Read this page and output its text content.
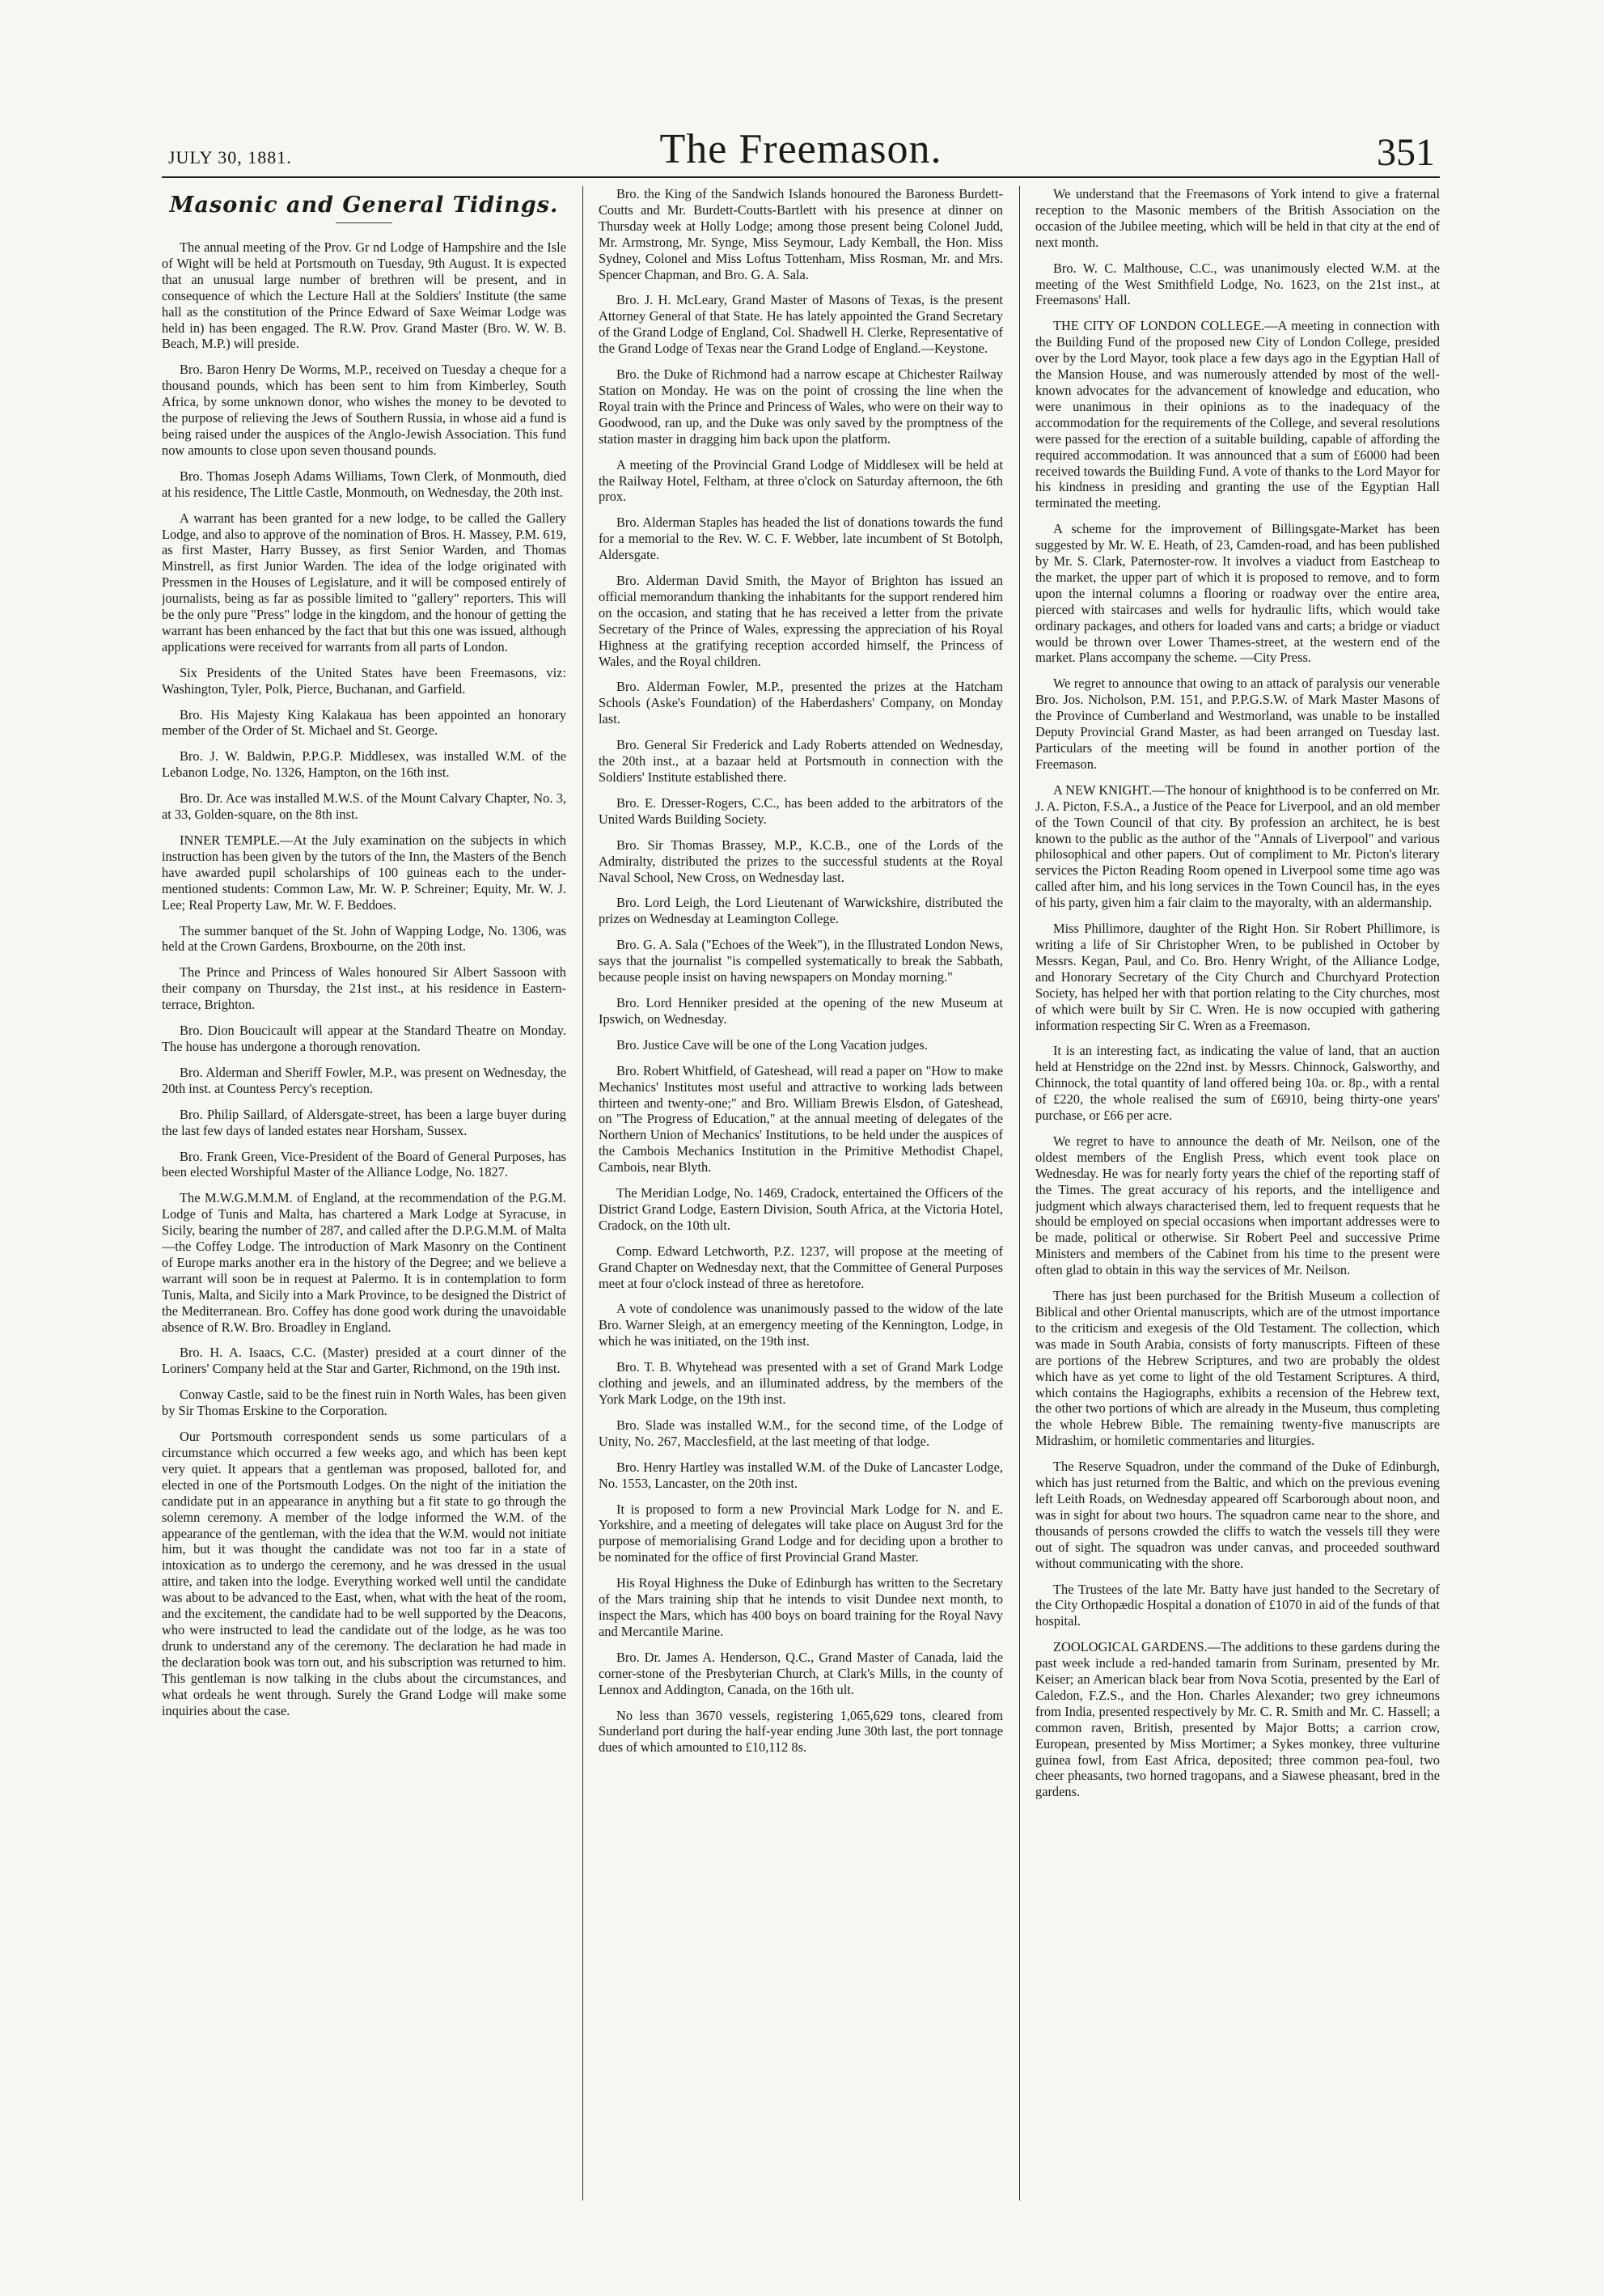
JULY 30, 1881.	The Freemason.	351
Masonic and General Tidings.

The annual meeting of the Prov. Gr nd Lodge of Hampshire and the Isle of Wight will be held at Portsmouth on Tuesday, 9th August. It is expected that an unusual large number of brethren will be present, and in consequence of which the Lecture Hall at the Soldiers' Institute (the same hall as the constitution of the Prince Edward of Saxe Weimar Lodge was held in) has been engaged. The R.W. Prov. Grand Master (Bro. W. W. B. Beach, M.P.) will preside.

Bro. Baron Henry De Worms, M.P., received on Tuesday a cheque for a thousand pounds, which has been sent to him from Kimberley, South Africa, by some unknown donor, who wishes the money to be devoted to the purpose of relieving the Jews of Southern Russia, in whose aid a fund is being raised under the auspices of the Anglo-Jewish Association. This fund now amounts to close upon seven thousand pounds.

Bro. Thomas Joseph Adams Williams, Town Clerk, of Monmouth, died at his residence, The Little Castle, Monmouth, on Wednesday, the 20th inst.

A warrant has been granted for a new lodge, to be called the Gallery Lodge, and also to approve of the nomination of Bros. H. Massey, P.M. 619, as first Master, Harry Bussey, as first Senior Warden, and Thomas Minstrell, as first Junior Warden. The idea of the lodge originated with Pressmen in the Houses of Legislature, and it will be composed entirely of journalists, being as far as possible limited to "gallery" reporters. This will be the only pure "Press" lodge in the kingdom, and the honour of getting the warrant has been enhanced by the fact that but this one was issued, although applications were received for warrants from all parts of London.

Six Presidents of the United States have been Freemasons, viz: Washington, Tyler, Polk, Pierce, Buchanan, and Garfield.

Bro. His Majesty King Kalakaua has been appointed an honorary member of the Order of St. Michael and St. George.

Bro. J. W. Baldwin, P.P.G.P. Middlesex, was installed W.M. of the Lebanon Lodge, No. 1326, Hampton, on the 16th inst.

Bro. Dr. Ace was installed M.W.S. of the Mount Calvary Chapter, No. 3, at 33, Golden-square, on the 8th inst.

INNER TEMPLE.—At the July examination on the subjects in which instruction has been given by the tutors of the Inn, the Masters of the Bench have awarded pupil scholarships of 100 guineas each to the under-mentioned students: Common Law, Mr. W. P. Schreiner; Equity, Mr. W. J. Lee; Real Property Law, Mr. W. F. Beddoes.

The summer banquet of the St. John of Wapping Lodge, No. 1306, was held at the Crown Gardens, Broxbourne, on the 20th inst.

The Prince and Princess of Wales honoured Sir Albert Sassoon with their company on Thursday, the 21st inst., at his residence in Eastern-terrace, Brighton.

Bro. Dion Boucicault will appear at the Standard Theatre on Monday. The house has undergone a thorough renovation.

Bro. Alderman and Sheriff Fowler, M.P., was present on Wednesday, the 20th inst. at Countess Percy's reception.

Bro. Philip Saillard, of Aldersgate-street, has been a large buyer during the last few days of landed estates near Horsham, Sussex.

Bro. Frank Green, Vice-President of the Board of General Purposes, has been elected Worshipful Master of the Alliance Lodge, No. 1827.

The M.W.G.M.M.M. of England, at the recommendation of the P.G.M. Lodge of Tunis and Malta, has chartered a Mark Lodge at Syracuse, in Sicily, bearing the number of 287, and called after the D.P.G.M.M. of Malta —the Coffey Lodge. The introduction of Mark Masonry on the Continent of Europe marks another era in the history of the Degree; and we believe a warrant will soon be in request at Palermo. It is in contemplation to form Tunis, Malta, and Sicily into a Mark Province, to be designed the District of the Mediterranean. Bro. Coffey has done good work during the unavoidable absence of R.W. Bro. Broadley in England.

Bro. H. A. Isaacs, C.C. (Master) presided at a court dinner of the Loriners' Company held at the Star and Garter, Richmond, on the 19th inst.

Conway Castle, said to be the finest ruin in North Wales, has been given by Sir Thomas Erskine to the Corporation.

Our Portsmouth correspondent sends us some particulars of a circumstance which occurred a few weeks ago, and which has been kept very quiet. It appears that a gentleman was proposed, balloted for, and elected in one of the Portsmouth Lodges. On the night of the initiation the candidate put in an appearance in anything but a fit state to go through the solemn ceremony. A member of the lodge informed the W.M. of the appearance of the gentleman, with the idea that the W.M. would not initiate him, but it was thought the candidate was not too far in a state of intoxication as to undergo the ceremony, and he was dressed in the usual attire, and taken into the lodge. Everything worked well until the candidate was about to be advanced to the East, when, what with the heat of the room, and the excitement, the candidate had to be well supported by the Deacons, who were instructed to lead the candidate out of the lodge, as he was too drunk to understand any of the ceremony. The declaration he had made in the declaration book was torn out, and his subscription was returned to him. This gentleman is now talking in the clubs about the circumstances, and what ordeals he went through. Surely the Grand Lodge will make some inquiries about the case.

Bro. the King of the Sandwich Islands honoured the Baroness Burdett-Coutts and Mr. Burdett-Coutts-Bartlett with his presence at dinner on Thursday week at Holly Lodge; among those present being Colonel Judd, Mr. Armstrong, Mr. Synge, Miss Seymour, Lady Kemball, the Hon. Miss Sydney, Colonel and Miss Loftus Tottenham, Miss Rosman, Mr. and Mrs. Spencer Chapman, and Bro. G. A. Sala.

Bro. J. H. McLeary, Grand Master of Masons of Texas, is the present Attorney General of that State. He has lately appointed the Grand Secretary of the Grand Lodge of England, Col. Shadwell H. Clerke, Representative of the Grand Lodge of Texas near the Grand Lodge of England.—Keystone.

Bro. the Duke of Richmond had a narrow escape at Chichester Railway Station on Monday. He was on the point of crossing the line when the Royal train with the Prince and Princess of Wales, who were on their way to Goodwood, ran up, and the Duke was only saved by the promptness of the station master in dragging him back upon the platform.

A meeting of the Provincial Grand Lodge of Middlesex will be held at the Railway Hotel, Feltham, at three o'clock on Saturday afternoon, the 6th prox.

Bro. Alderman Staples has headed the list of donations towards the fund for a memorial to the Rev. W. C. F. Webber, late incumbent of St Botolph, Aldersgate.

Bro. Alderman David Smith, the Mayor of Brighton has issued an official memorandum thanking the inhabitants for the support rendered him on the occasion, and stating that he has received a letter from the private Secretary of the Prince of Wales, expressing the appreciation of his Royal Highness at the gratifying reception accorded himself, the Princess of Wales, and the Royal children.

Bro. Alderman Fowler, M.P., presented the prizes at the Hatcham Schools (Aske's Foundation) of the Haberdashers' Company, on Monday last.

Bro. General Sir Frederick and Lady Roberts attended on Wednesday, the 20th inst., at a bazaar held at Portsmouth in connection with the Soldiers' Institute established there.

Bro. E. Dresser-Rogers, C.C., has been added to the arbitrators of the United Wards Building Society.

Bro. Sir Thomas Brassey, M.P., K.C.B., one of the Lords of the Admiralty, distributed the prizes to the successful students at the Royal Naval School, New Cross, on Wednesday last.

Bro. Lord Leigh, the Lord Lieutenant of Warwickshire, distributed the prizes on Wednesday at Leamington College.

Bro. G. A. Sala ("Echoes of the Week"), in the Illustrated London News, says that the journalist "is compelled systematically to break the Sabbath, because people insist on having newspapers on Monday morning."

Bro. Lord Henniker presided at the opening of the new Museum at Ipswich, on Wednesday.

Bro. Justice Cave will be one of the Long Vacation judges.

Bro. Robert Whitfield, of Gateshead, will read a paper on "How to make Mechanics' Institutes most useful and attractive to working lads between thirteen and twenty-one;" and Bro. William Brewis Elsdon, of Gateshead, on "The Progress of Education," at the annual meeting of delegates of the Northern Union of Mechanics' Institutions, to be held under the auspices of the Cambois Mechanics Institution in the Primitive Methodist Chapel, Cambois, near Blyth.

The Meridian Lodge, No. 1469, Cradock, entertained the Officers of the District Grand Lodge, Eastern Division, South Africa, at the Victoria Hotel, Cradock, on the 10th ult.

Comp. Edward Letchworth, P.Z. 1237, will propose at the meeting of Grand Chapter on Wednesday next, that the Committee of General Purposes meet at four o'clock instead of three as heretofore.

A vote of condolence was unanimously passed to the widow of the late Bro. Warner Sleigh, at an emergency meeting of the Kennington, Lodge, in which he was initiated, on the 19th inst.

Bro. T. B. Whytehead was presented with a set of Grand Mark Lodge clothing and jewels, and an illuminated address, by the members of the York Mark Lodge, on the 19th inst.

Bro. Slade was installed W.M., for the second time, of the Lodge of Unity, No. 267, Macclesfield, at the last meeting of that lodge.

Bro. Henry Hartley was installed W.M. of the Duke of Lancaster Lodge, No. 1553, Lancaster, on the 20th inst.

It is proposed to form a new Provincial Mark Lodge for N. and E. Yorkshire, and a meeting of delegates will take place on August 3rd for the purpose of memorialising Grand Lodge and for deciding upon a brother to be nominated for the office of first Provincial Grand Master.

His Royal Highness the Duke of Edinburgh has written to the Secretary of the Mars training ship that he intends to visit Dundee next month, to inspect the Mars, which has 400 boys on board training for the Royal Navy and Mercantile Marine.

Bro. Dr. James A. Henderson, Q.C., Grand Master of Canada, laid the corner-stone of the Presbyterian Church, at Clark's Mills, in the county of Lennox and Addington, Canada, on the 16th ult.

No less than 3670 vessels, registering 1,065,629 tons, cleared from Sunderland port during the half-year ending June 30th last, the port tonnage dues of which amounted to £10,112 8s.

We understand that the Freemasons of York intend to give a fraternal reception to the Masonic members of the British Association on the occasion of the Jubilee meeting, which will be held in that city at the end of next month.

Bro. W. C. Malthouse, C.C., was unanimously elected W.M. at the meeting of the West Smithfield Lodge, No. 1623, on the 21st inst., at Freemasons' Hall.

THE CITY OF LONDON COLLEGE.—A meeting in connection with the Building Fund of the proposed new City of London College, presided over by the Lord Mayor, took place a few days ago in the Egyptian Hall of the Mansion House, and was numerously attended by most of the well-known advocates for the advancement of knowledge and education, who were unanimous in their opinions as to the inadequacy of the accommodation for the requirements of the College, and several resolutions were passed for the erection of a suitable building, capable of affording the required accommodation. It was announced that a sum of £6000 had been received towards the Building Fund. A vote of thanks to the Lord Mayor for his kindness in presiding and granting the use of the Egyptian Hall terminated the meeting.

A scheme for the improvement of Billingsgate-Market has been suggested by Mr. W. E. Heath, of 23, Camden-road, and has been published by Mr. S. Clark, Paternoster-row. It involves a viaduct from Eastcheap to the market, the upper part of which it is proposed to remove, and to form upon the internal columns a flooring or roadway over the entire area, pierced with staircases and wells for hydraulic lifts, which would take ordinary packages, and others for loaded vans and carts; a bridge or viaduct would be thrown over Lower Thames-street, at the western end of the market. Plans accompany the scheme. —City Press.

We regret to announce that owing to an attack of paralysis our venerable Bro. Jos. Nicholson, P.M. 151, and P.P.G.S.W. of Mark Master Masons of the Province of Cumberland and Westmorland, was unable to be installed Deputy Provincial Grand Master, as had been arranged on Tuesday last. Particulars of the meeting will be found in another portion of the Freemason.

A NEW KNIGHT.—The honour of knighthood is to be conferred on Mr. J. A. Picton, F.S.A., a Justice of the Peace for Liverpool, and an old member of the Town Council of that city. By profession an architect, he is best known to the public as the author of the "Annals of Liverpool" and various philosophical and other papers. Out of compliment to Mr. Picton's literary services the Picton Reading Room opened in Liverpool some time ago was called after him, and his long services in the Town Council has, in the eyes of his party, given him a fair claim to the mayoralty, with an aldermanship.

Miss Phillimore, daughter of the Right Hon. Sir Robert Phillimore, is writing a life of Sir Christopher Wren, to be published in October by Messrs. Kegan, Paul, and Co. Bro. Henry Wright, of the Alliance Lodge, and Honorary Secretary of the City Church and Churchyard Protection Society, has helped her with that portion relating to the City churches, most of which were built by Sir C. Wren. He is now occupied with gathering information respecting Sir C. Wren as a Freemason.

It is an interesting fact, as indicating the value of land, that an auction held at Henstridge on the 22nd inst. by Messrs. Chinnock, Galsworthy, and Chinnock, the total quantity of land offered being 10a. or. 8p., with a rental of £220, the whole realised the sum of £6910, being thirty-one years' purchase, or £66 per acre.

We regret to have to announce the death of Mr. Neilson, one of the oldest members of the English Press, which event took place on Wednesday. He was for nearly forty years the chief of the reporting staff of the Times. The great accuracy of his reports, and the intelligence and judgment which always characterised them, led to frequent requests that he should be employed on special occasions when important addresses were to be made, political or otherwise. Sir Robert Peel and successive Prime Ministers and members of the Cabinet from his time to the present were often glad to obtain in this way the services of Mr. Neilson.

There has just been purchased for the British Museum a collection of Biblical and other Oriental manuscripts, which are of the utmost importance to the criticism and exegesis of the Old Testament. The collection, which was made in South Arabia, consists of forty manuscripts. Fifteen of these are portions of the Hebrew Scriptures, and two are probably the oldest which have as yet come to light of the old Testament Scriptures. A third, which contains the Hagiographs, exhibits a recension of the Hebrew text, the other two portions of which are already in the Museum, thus completing the whole Hebrew Bible. The remaining twenty-five manuscripts are Midrashim, or homiletic commentaries and liturgies.

The Reserve Squadron, under the command of the Duke of Edinburgh, which has just returned from the Baltic, and which on the previous evening left Leith Roads, on Wednesday appeared off Scarborough about noon, and was in sight for about two hours. The squadron came near to the shore, and thousands of persons crowded the cliffs to watch the vessels till they were out of sight. The squadron was under canvas, and proceeded southward without communicating with the shore.

The Trustees of the late Mr. Batty have just handed to the Secretary of the City Orthopædic Hospital a donation of £1070 in aid of the funds of that hospital.

ZOOLOGICAL GARDENS.—The additions to these gardens during the past week include a red-handed tamarin from Surinam, presented by Mr. Keiser; an American black bear from Nova Scotia, presented by the Earl of Caledon, F.Z.S., and the Hon. Charles Alexander; two grey ichneumons from India, presented respectively by Mr. C. R. Smith and Mr. C. Hassell; a common raven, British, presented by Major Botts; a carrion crow, European, presented by Miss Mortimer; a Sykes monkey, three vulturine guinea fowl, from East Africa, deposited; three common pea-foul, two cheer pheasants, two horned tragopans, and a Siawese pheasant, bred in the gardens.
